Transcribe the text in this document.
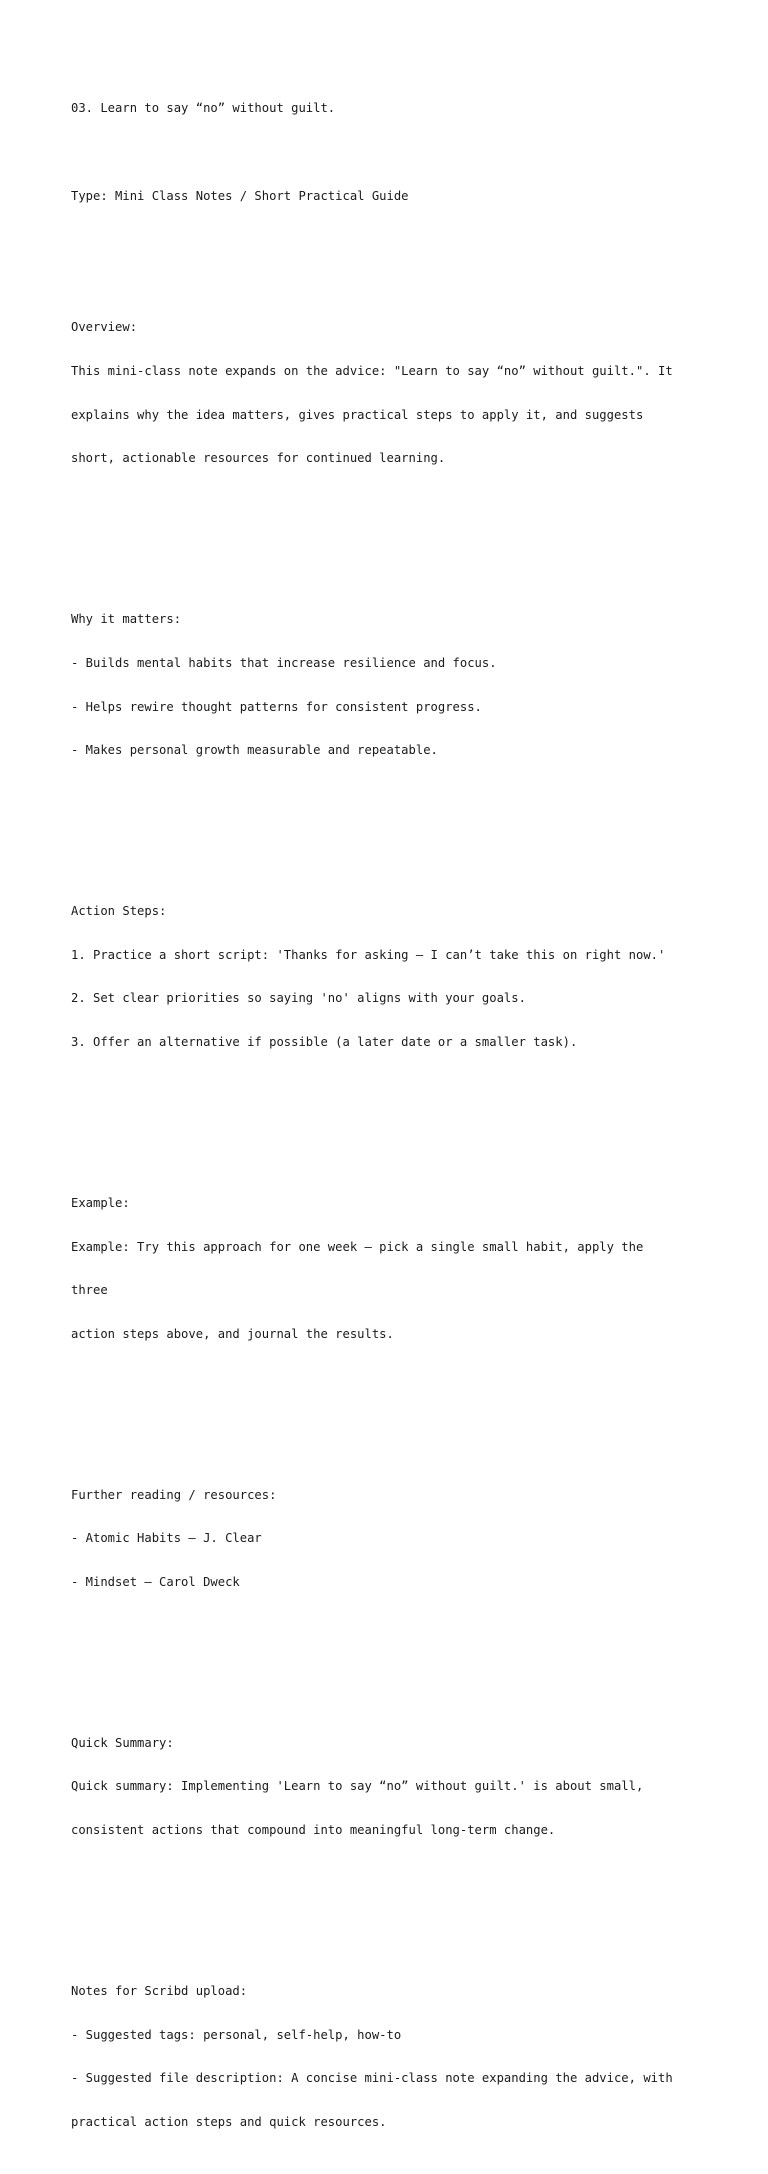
03. Learn to say “no” without guilt.

Type: Mini Class Notes / Short Practical Guide

Overview:

This mini-class note expands on the advice: "Learn to say “no” without guilt.". It

explains why the idea matters, gives practical steps to apply it, and suggests

short, actionable resources for continued learning.

Why it matters:

- Builds mental habits that increase resilience and focus.

- Helps rewire thought patterns for consistent progress.

- Makes personal growth measurable and repeatable.

Action Steps:

1. Practice a short script: 'Thanks for asking — I can’t take this on right now.'

2. Set clear priorities so saying 'no' aligns with your goals.

3. Offer an alternative if possible (a later date or a smaller task).

Example:

Example: Try this approach for one week — pick a single small habit, apply the

three

action steps above, and journal the results.

Further reading / resources:

- Atomic Habits — J. Clear

- Mindset — Carol Dweck

Quick Summary:

Quick summary: Implementing 'Learn to say “no” without guilt.' is about small,

consistent actions that compound into meaningful long-term change.

Notes for Scribd upload:

- Suggested tags: personal, self-help, how-to

- Suggested file description: A concise mini-class note expanding the advice, with

practical action steps and quick resources.
